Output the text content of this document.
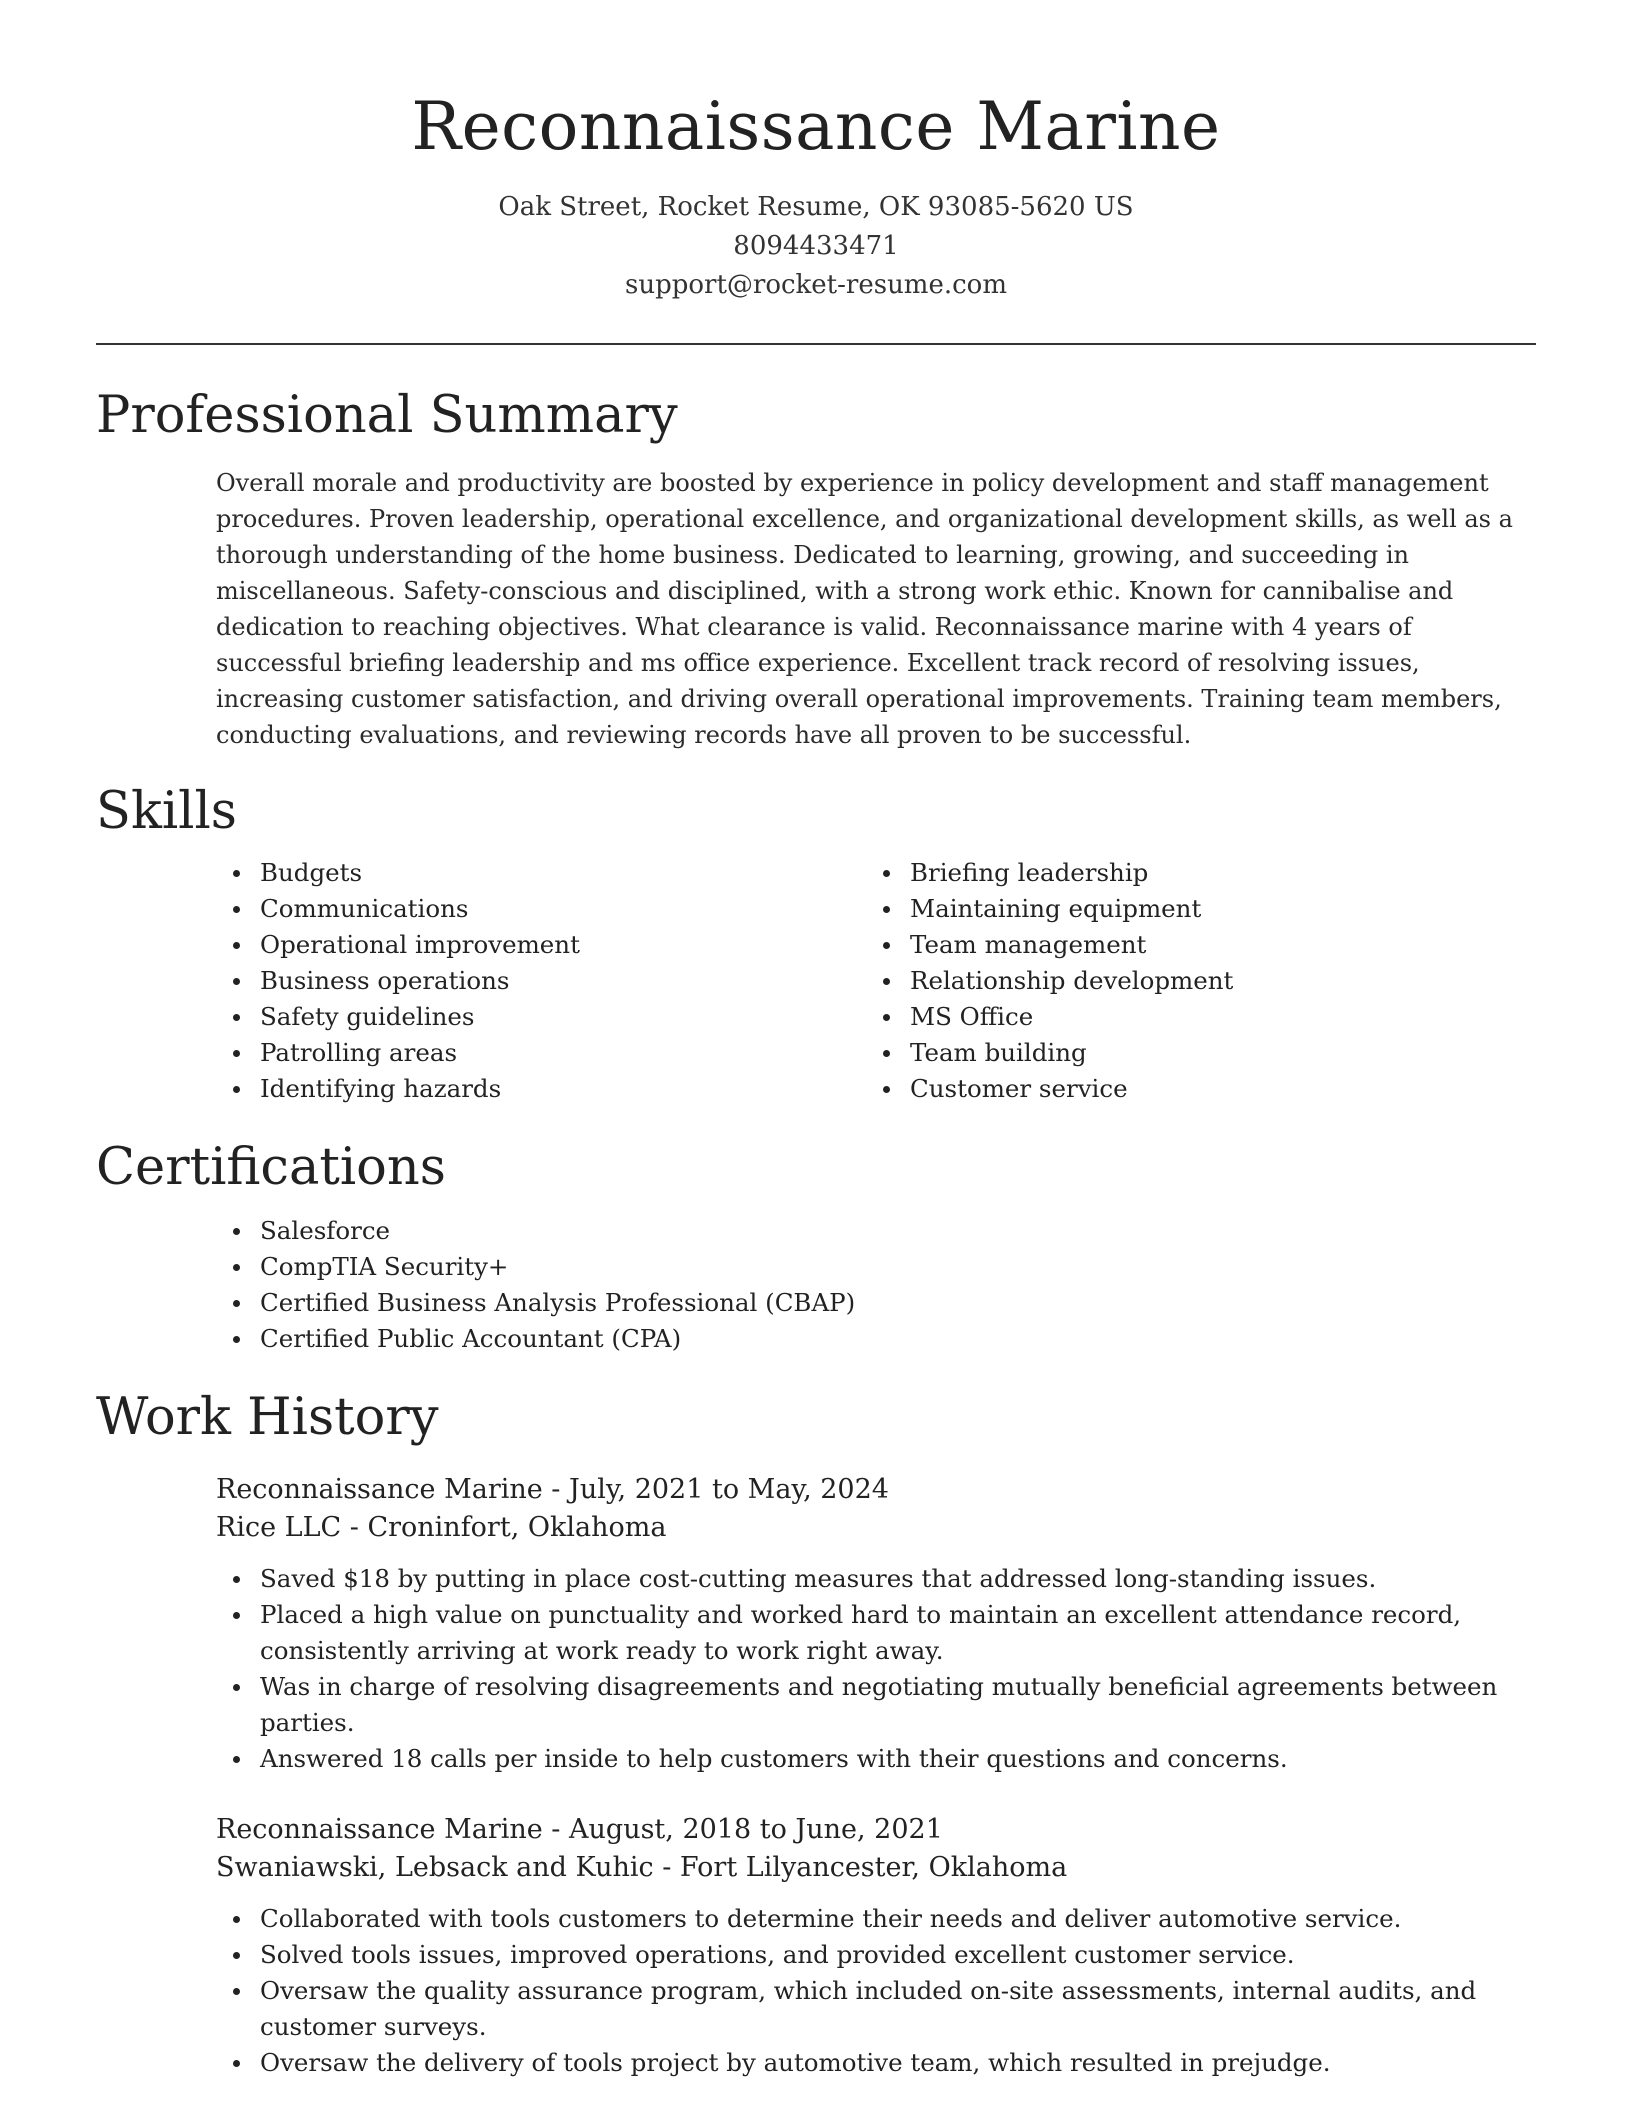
Reconnaissance Marine
Oak Street, Rocket Resume, OK 93085-5620 US
8094433471
support@rocket-resume.com
Professional Summary

Overall morale and productivity are boosted by experience in policy development and staff management procedures. Proven leadership, operational excellence, and organizational development skills, as well as a thorough understanding of the home business. Dedicated to learning, growing, and succeeding in miscellaneous. Safety-conscious and disciplined, with a strong work ethic. Known for cannibalise and dedication to reaching objectives. What clearance is valid. Reconnaissance marine with 4 years of successful briefing leadership and ms office experience. Excellent track record of resolving issues, increasing customer satisfaction, and driving overall operational improvements. Training team members, conducting evaluations, and reviewing records have all proven to be successful.

Skills
Budgets
Communications
Operational improvement
Business operations
Safety guidelines
Patrolling areas
Identifying hazards
Briefing leadership
Maintaining equipment
Team management
Relationship development
MS Office
Team building
Customer service
Certifications
Salesforce
CompTIA Security+
Certified Business Analysis Professional (CBAP)
Certified Public Accountant (CPA)
Work History
Reconnaissance Marine - July, 2021 to May, 2024
Rice LLC - Croninfort, Oklahoma
Saved $18 by putting in place cost-cutting measures that addressed long-standing issues.
Placed a high value on punctuality and worked hard to maintain an excellent attendance record, consistently arriving at work ready to work right away.
Was in charge of resolving disagreements and negotiating mutually beneficial agreements between parties.
Answered 18 calls per inside to help customers with their questions and concerns.
Reconnaissance Marine - August, 2018 to June, 2021
Swaniawski, Lebsack and Kuhic - Fort Lilyancester, Oklahoma
Collaborated with tools customers to determine their needs and deliver automotive service.
Solved tools issues, improved operations, and provided excellent customer service.
Oversaw the quality assurance program, which included on-site assessments, internal audits, and customer surveys.
Oversaw the delivery of tools project by automotive team, which resulted in prejudge.
